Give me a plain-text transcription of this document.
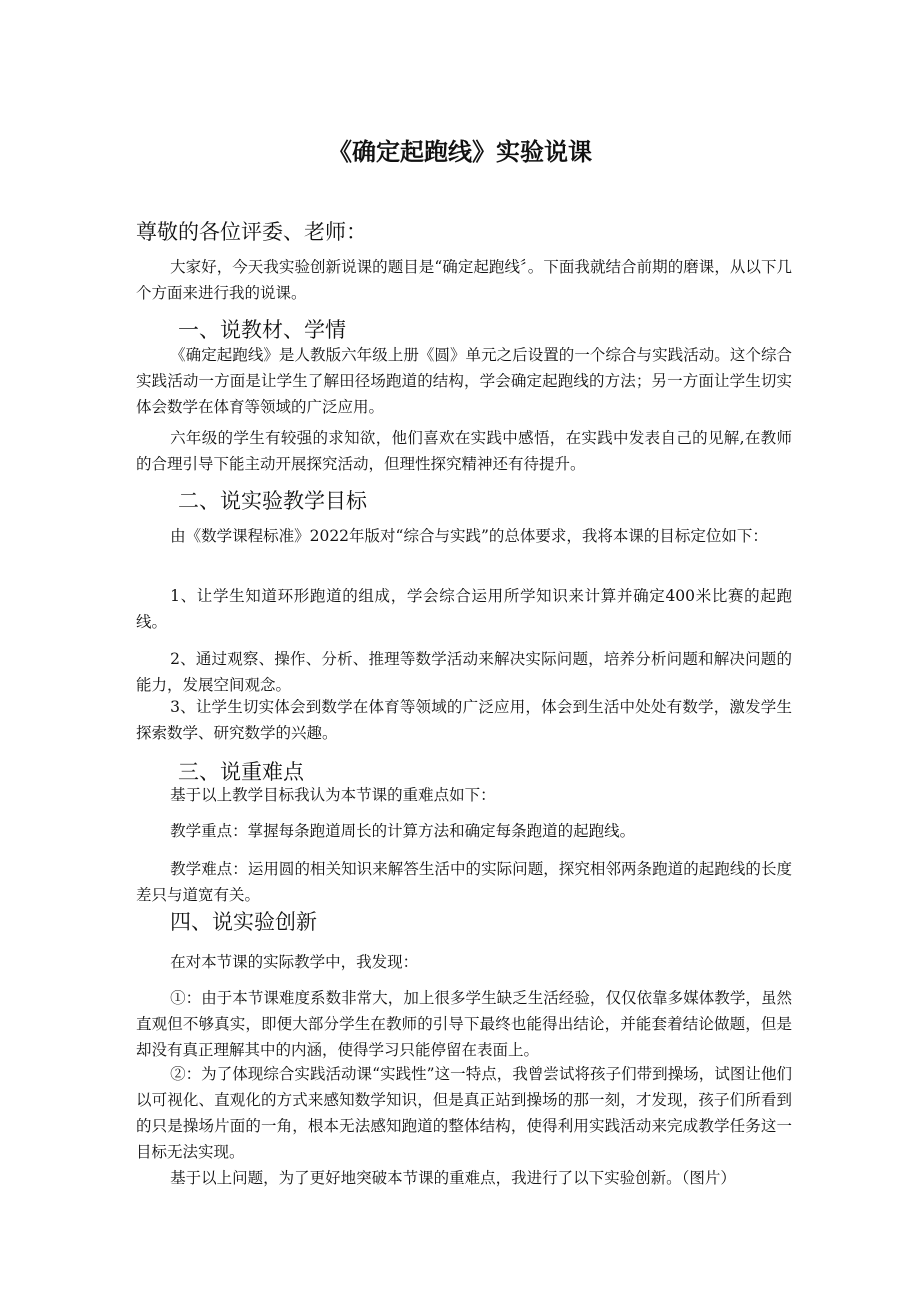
《确定起跑线》实验说课
尊敬的各位评委、老师：
大家好，今天我实验创新说课的题目是“确定起跑线〞。下面我就结合前期的磨课，从以下几个方面来进行我的说课。
一、说教材、学情
《确定起跑线》是人教版六年级上册《圆》单元之后设置的一个综合与实践活动。这个综合实践活动一方面是让学生了解田径场跑道的结构，学会确定起跑线的方法；另一方面让学生切实体会数学在体育等领域的广泛应用。
六年级的学生有较强的求知欲，他们喜欢在实践中感悟，在实践中发表自己的见解,在教师的合理引导下能主动开展探究活动，但理性探究精神还有待提升。
二、说实验教学目标
由《数学课程标准》2022年版对“综合与实践”的总体要求，我将本课的目标定位如下：
1、让学生知道环形跑道的组成，学会综合运用所学知识来计算并确定400米比赛的起跑线。
2、通过观察、操作、分析、推理等数学活动来解决实际问题，培养分析问题和解决问题的能力，发展空间观念。
3、让学生切实体会到数学在体育等领域的广泛应用，体会到生活中处处有数学，激发学生探索数学、研究数学的兴趣。
三、说重难点
基于以上教学目标我认为本节课的重难点如下：
教学重点：掌握每条跑道周长的计算方法和确定每条跑道的起跑线。
教学难点：运用圆的相关知识来解答生活中的实际问题，探究相邻两条跑道的起跑线的长度差只与道宽有关。
四、说实验创新
在对本节课的实际教学中，我发现：
①：由于本节课难度系数非常大，加上很多学生缺乏生活经验，仅仅依靠多媒体教学，虽然直观但不够真实，即便大部分学生在教师的引导下最终也能得出结论，并能套着结论做题，但是却没有真正理解其中的内涵，使得学习只能停留在表面上。
②：为了体现综合实践活动课“实践性”这一特点，我曾尝试将孩子们带到操场，试图让他们以可视化、直观化的方式来感知数学知识，但是真正站到操场的那一刻，才发现，孩子们所看到的只是操场片面的一角，根本无法感知跑道的整体结构，使得利用实践活动来完成教学任务这一目标无法实现。
基于以上问题，为了更好地突破本节课的重难点，我进行了以下实验创新。（图片）
